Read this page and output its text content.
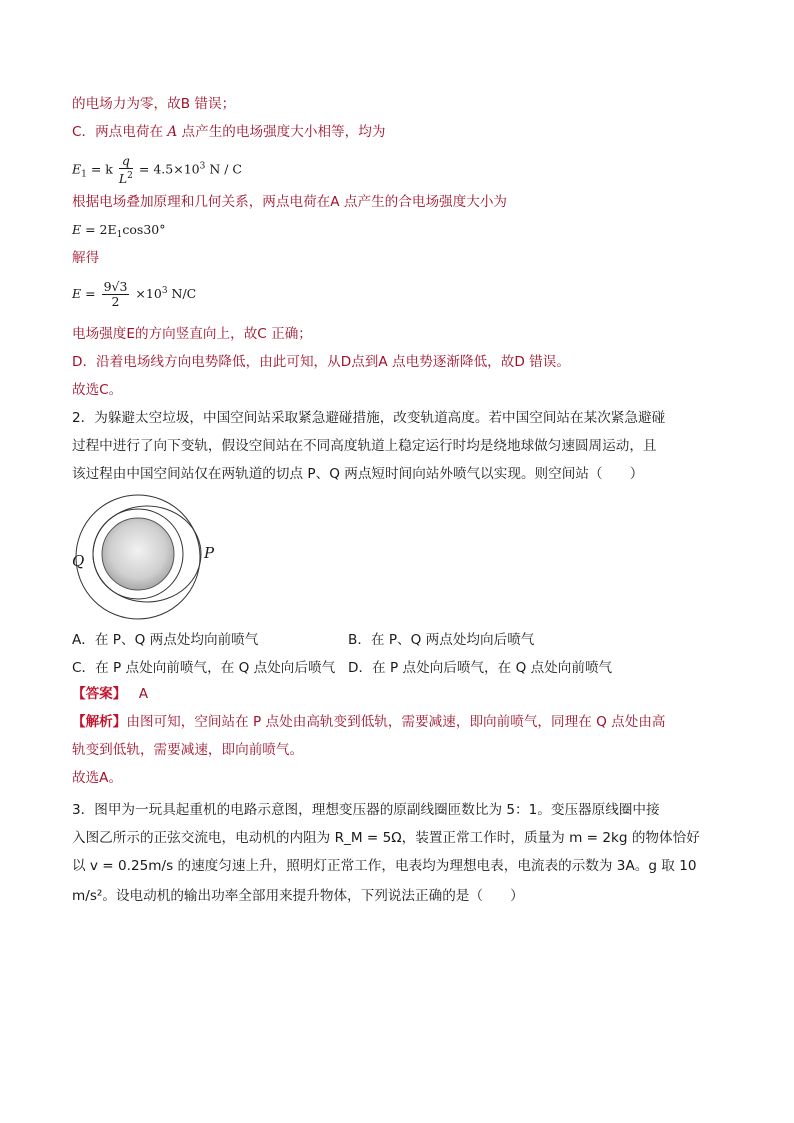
的电场力为零，故B 错误；
C．两点电荷在 A 点产生的电场强度大小相等，均为
$E_1 = k \frac{q}{L^2} = 4.5\times 10^3$ N / C
根据电场叠加原理和几何关系，两点电荷在A 点产生的合电场强度大小为
$E = 2E_1\cos 30^\circ$
解得
$E = \frac{9√3}{2} \times 10^3$ N/C
电场强度E的方向竖直向上，故C 正确；
D．沿着电场线方向电势降低，由此可知，从D点到A 点电势逐渐降低，故D 错误。
故选C。
2．为躲避太空垃圾，中国空间站采取紧急避碰措施，改变轨道高度。若中国空间站在某次紧急避碰
过程中进行了向下变轨，假设空间站在不同高度轨道上稳定运行时均是绕地球做匀速圆周运动，且
该过程由中国空间站仅在两轨道的切点 P、Q 两点短时间向站外喷气以实现。则空间站（　　）
Q	P
A．在 P、Q 两点处均向前喷气	B．在 P、Q 两点处均向后喷气
C．在 P 点处向前喷气，在 Q 点处向后喷气 D．在 P 点处向后喷气，在 Q 点处向前喷气
【答案】 A
【解析】由图可知，空间站在 P 点处由高轨变到低轨，需要减速，即向前喷气，同理在 Q 点处由高
轨变到低轨，需要减速，即向前喷气。
故选A。
3．图甲为一玩具起重机的电路示意图，理想变压器的原副线圈匝数比为 5：1。变压器原线圈中接
入图乙所示的正弦交流电，电动机的内阻为 R_M = 5Ω，装置正常工作时，质量为 m = 2kg 的物体恰好
以 v = 0.25m/s 的速度匀速上升，照明灯正常工作，电表均为理想电表，电流表的示数为 3A。g 取 10
m/s²。设电动机的输出功率全部用来提升物体，下列说法正确的是（　　）
